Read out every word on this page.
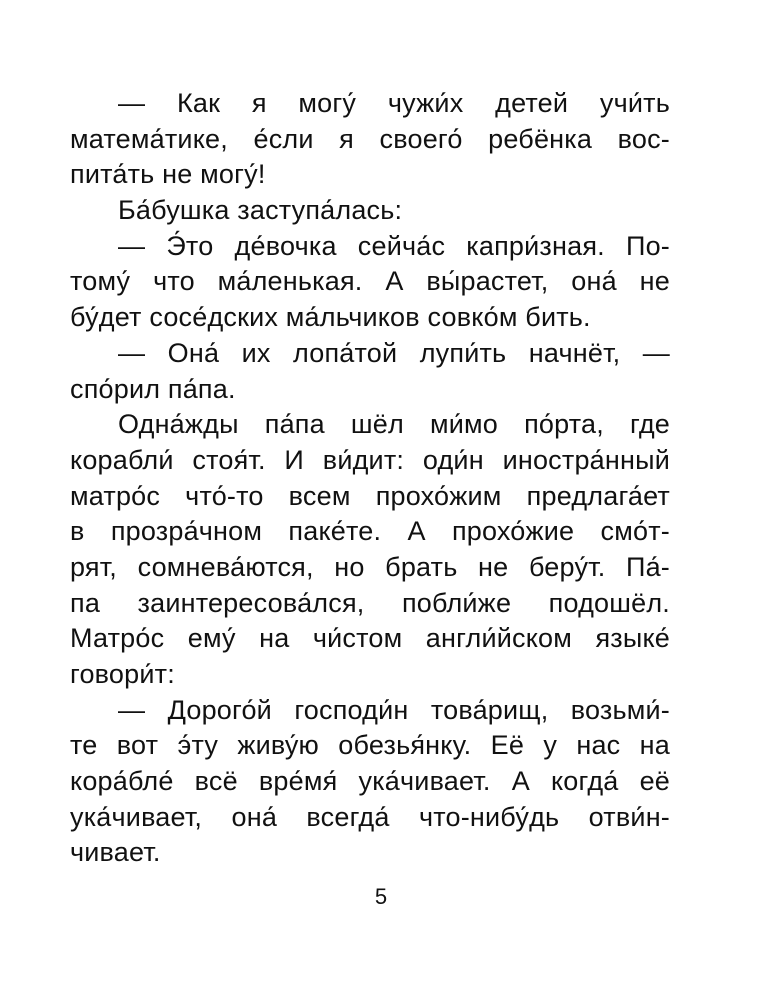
— Как я могу́ чужи́х детей учи́ть
матема́тике, е́сли я своего́ ребёнка вос-
пита́ть не могу́!
Ба́бушка заступа́лась:
— Э́то де́вочка сейча́с капри́зная. По-
тому́ что ма́ленькая. А вы́растет, она́ не
бу́дет сосе́дских ма́льчиков совко́м бить.
— Она́ их лопа́той лупи́ть начнёт, —
спо́рил па́па.
Одна́жды па́па шёл ми́мо по́рта, где
корабли́ стоя́т. И ви́дит: оди́н иностра́нный
матро́с что́-то всем прохо́жим предлага́ет
в прозра́чном паке́те. А прохо́жие смо́т-
рят, сомнева́ются, но брать не беру́т. Па́-
па заинтересова́лся, побли́же подошёл.
Матро́с ему́ на чи́стом англи́йском языке́
говори́т:
— Дорого́й господи́н това́рищ, возьми́-
те вот э́ту живу́ю обезья́нку. Её у нас на
кора́бле́ всё вре́мя́ ука́чивает. А когда́ её
ука́чивает, она́ всегда́ что-нибу́дь отви́н-
чивает.
5
